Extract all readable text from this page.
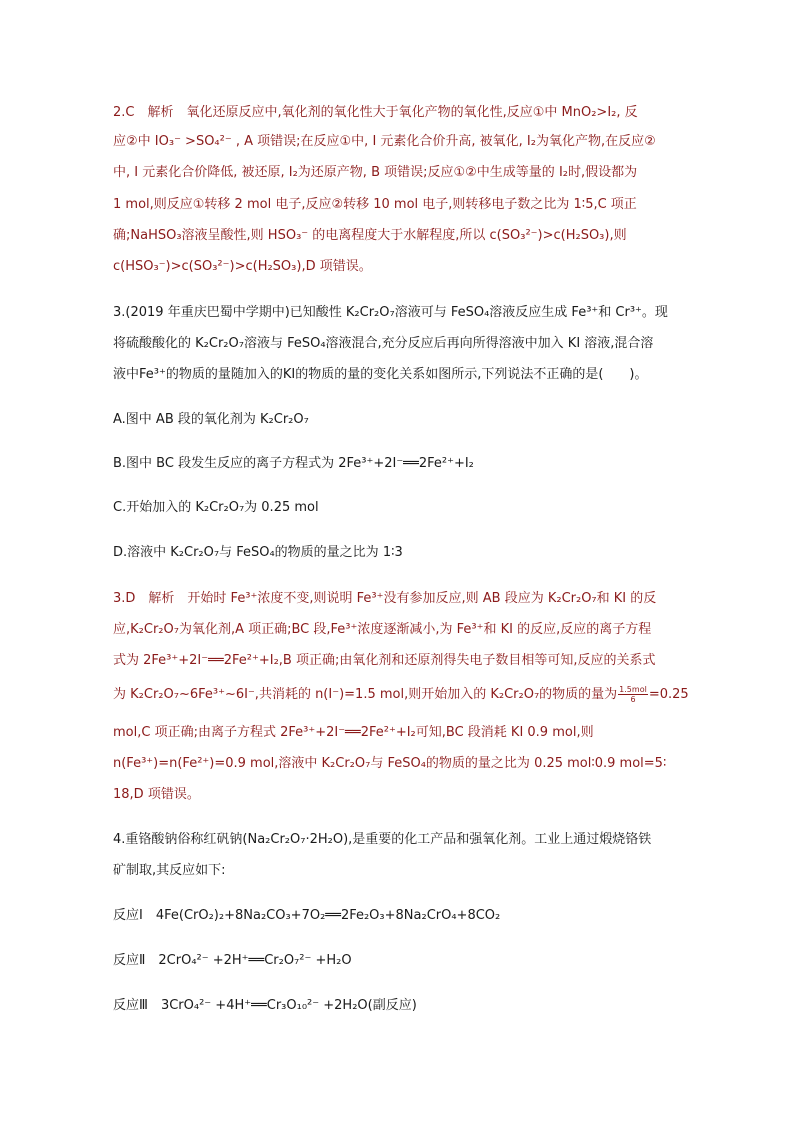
2.C　解析　氧化还原反应中,氧化剂的氧化性大于氧化产物的氧化性,反应①中 MnO₂>I₂, 反
应②中 IO₃⁻ >SO₄²⁻ , A 项错误;在反应①中, I 元素化合价升高, 被氧化, I₂为氧化产物,在反应②
中, I 元素化合价降低, 被还原, I₂为还原产物, B 项错误;反应①②中生成等量的 I₂时,假设都为
1 mol,则反应①转移 2 mol 电子,反应②转移 10 mol 电子,则转移电子数之比为 1∶5,C 项正
确;NaHSO₃溶液呈酸性,则 HSO₃⁻ 的电离程度大于水解程度,所以 c(SO₃²⁻)>c(H₂SO₃),则
c(HSO₃⁻)>c(SO₃²⁻)>c(H₂SO₃),D 项错误。
3.(2019 年重庆巴蜀中学期中)已知酸性 K₂Cr₂O₇溶液可与 FeSO₄溶液反应生成 Fe³⁺和 Cr³⁺。现
将硫酸酸化的 K₂Cr₂O₇溶液与 FeSO₄溶液混合,充分反应后再向所得溶液中加入 KI 溶液,混合溶
液中Fe³⁺的物质的量随加入的KI的物质的量的变化关系如图所示,下列说法不正确的是(　　)。
A.图中 AB 段的氧化剂为 K₂Cr₂O₇
B.图中 BC 段发生反应的离子方程式为 2Fe³⁺+2I⁻══2Fe²⁺+I₂
C.开始加入的 K₂Cr₂O₇为 0.25 mol
D.溶液中 K₂Cr₂O₇与 FeSO₄的物质的量之比为 1∶3
3.D　解析　开始时 Fe³⁺浓度不变,则说明 Fe³⁺没有参加反应,则 AB 段应为 K₂Cr₂O₇和 KI 的反
应,K₂Cr₂O₇为氧化剂,A 项正确;BC 段,Fe³⁺浓度逐渐减小,为 Fe³⁺和 KI 的反应,反应的离子方程
式为 2Fe³⁺+2I⁻══2Fe²⁺+I₂,B 项正确;由氧化剂和还原剂得失电子数目相等可知,反应的关系式
为 K₂Cr₂O₇~6Fe³⁺~6I⁻,共消耗的 n(I⁻)=1.5 mol,则开始加入的 K₂Cr₂O₇的物质的量为 $\frac{\text{1.5mol}}{6} =0.25$
mol,C 项正确;由离子方程式 2Fe³⁺+2I⁻══2Fe²⁺+I₂可知,BC 段消耗 KI 0.9 mol,则
n(Fe³⁺)=n(Fe²⁺)=0.9 mol,溶液中 K₂Cr₂O₇与 FeSO₄的物质的量之比为 0.25 mol∶0.9 mol=5∶
18,D 项错误。
4.重铬酸钠俗称红矾钠(Na₂Cr₂O₇·2H₂O),是重要的化工产品和强氧化剂。工业上通过煅烧铬铁
矿制取,其反应如下:
反应Ⅰ　4Fe(CrO₂)₂+8Na₂CO₃+7O₂══2Fe₂O₃+8Na₂CrO₄+8CO₂
反应Ⅱ　2CrO₄²⁻ +2H⁺══Cr₂O₇²⁻ +H₂O
反应Ⅲ　3CrO₄²⁻ +4H⁺══Cr₃O₁₀²⁻ +2H₂O(副反应)
